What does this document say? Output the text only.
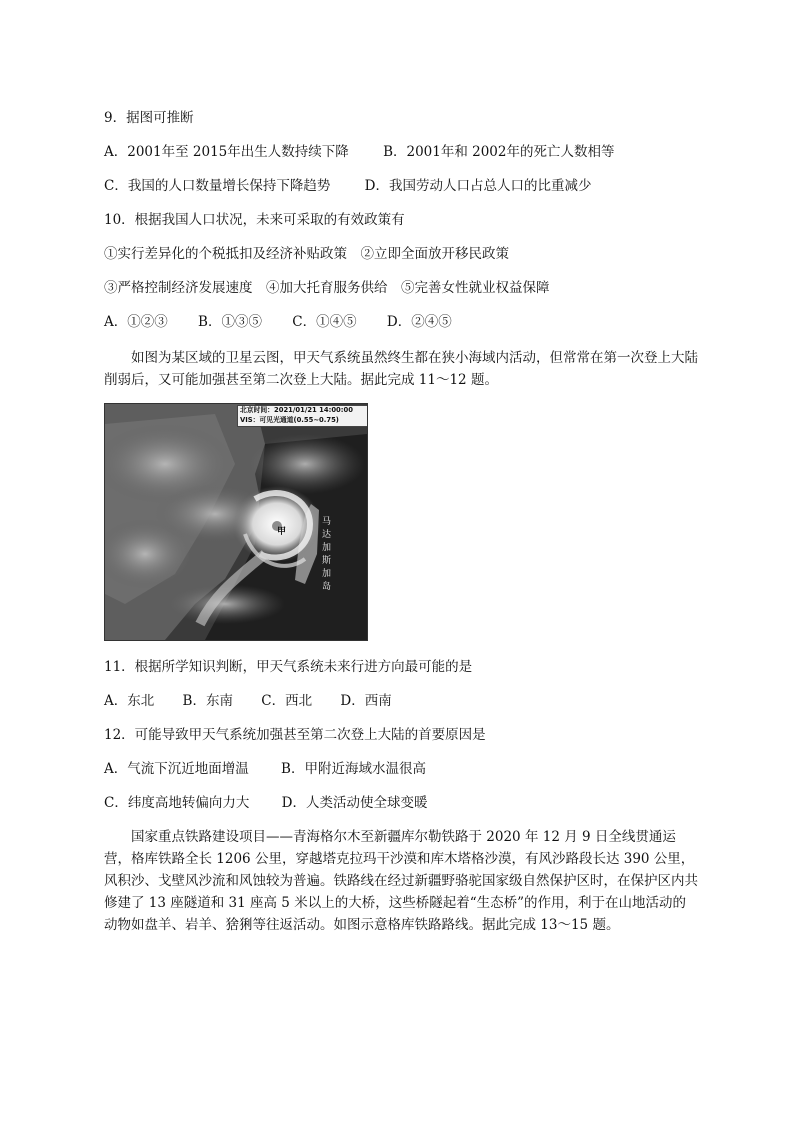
9．据图可推断
A．2001年至 2015年出生人数持续下降	B．2001年和 2002年的死亡人数相等
C．我国的人口数量增长保持下降趋势	D．我国劳动人口占总人口的比重减少
10．根据我国人口状况，未来可采取的有效政策有
①实行差异化的个税抵扣及经济补贴政策　②立即全面放开移民政策
③严格控制经济发展速度　④加大托育服务供给　⑤完善女性就业权益保障
A．①②③ B．①③⑤ C．①④⑤ D．②④⑤
如图为某区域的卫星云图，甲天气系统虽然终生都在狭小海域内活动，但常常在第一次登上大陆削弱后，又可能加强甚至第二次登上大陆。据此完成 11～12 题。
北京时间：2021/01/21 14:00:00
VIS：可见光通道(0.55~0.75)
甲
马达加斯加岛
11．根据所学知识判断，甲天气系统未来行进方向最可能的是
A．东北 B．东南 C．西北 D．西南
12．可能导致甲天气系统加强甚至第二次登上大陆的首要原因是
A．气流下沉近地面增温 B．甲附近海域水温很高
C．纬度高地转偏向力大 D．人类活动使全球变暖
国家重点铁路建设项目——青海格尔木至新疆库尔勒铁路于 2020 年 12 月 9 日全线贯通运营，格库铁路全长 1206 公里，穿越塔克拉玛干沙漠和库木塔格沙漠，有风沙路段长达 390 公里，风积沙、戈壁风沙流和风蚀较为普遍。铁路线在经过新疆野骆驼国家级自然保护区时，在保护区内共修建了 13 座隧道和 31 座高 5 米以上的大桥，这些桥隧起着“生态桥”的作用，利于在山地活动的动物如盘羊、岩羊、猞猁等往返活动。如图示意格库铁路路线。据此完成 13～15 题。
